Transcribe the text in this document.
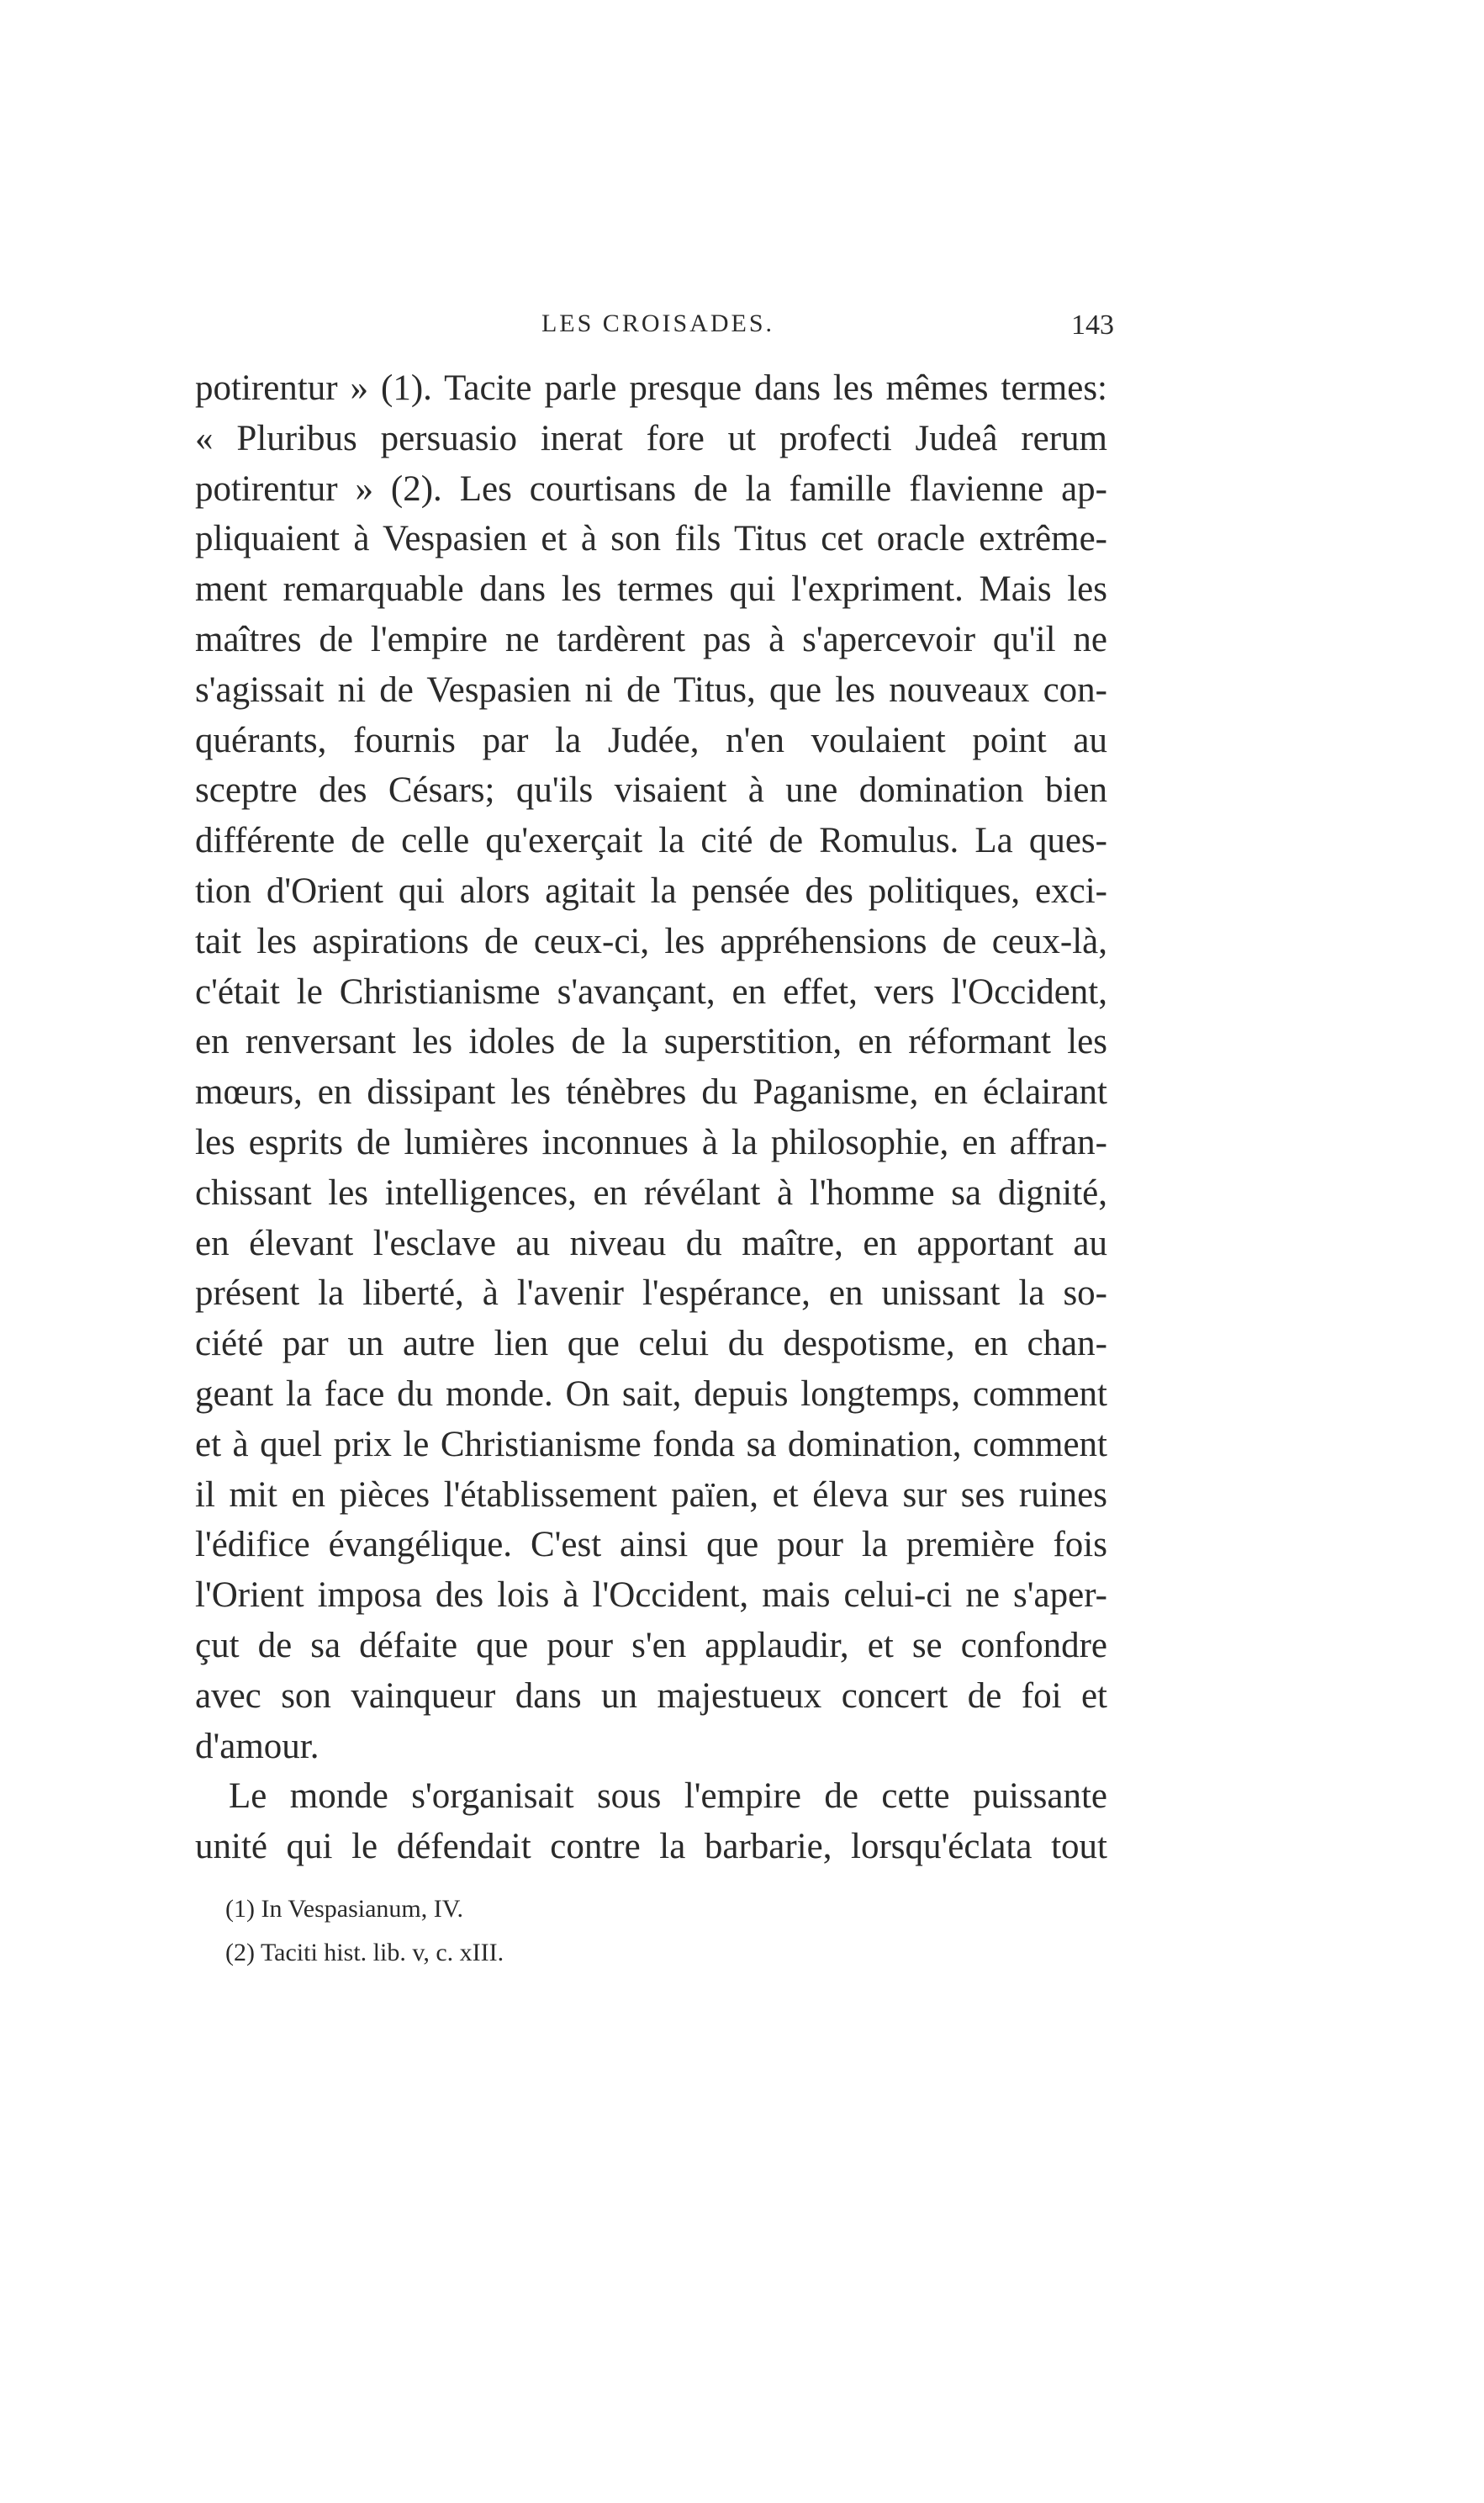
LES CROISADES.	143
potirentur » (1). Tacite parle presque dans les mêmes termes:
« Pluribus persuasio inerat fore ut profecti Judeâ rerum
potirentur » (2). Les courtisans de la famille flavienne ap-
pliquaient à Vespasien et à son fils Titus cet oracle extrême-
ment remarquable dans les termes qui l'expriment. Mais les
maîtres de l'empire ne tardèrent pas à s'apercevoir qu'il ne
s'agissait ni de Vespasien ni de Titus, que les nouveaux con-
quérants, fournis par la Judée, n'en voulaient point au
sceptre des Césars; qu'ils visaient à une domination bien
différente de celle qu'exerçait la cité de Romulus. La ques-
tion d'Orient qui alors agitait la pensée des politiques, exci-
tait les aspirations de ceux-ci, les appréhensions de ceux-là,
c'était le Christianisme s'avançant, en effet, vers l'Occident,
en renversant les idoles de la superstition, en réformant les
mœurs, en dissipant les ténèbres du Paganisme, en éclairant
les esprits de lumières inconnues à la philosophie, en affran-
chissant les intelligences, en révélant à l'homme sa dignité,
en élevant l'esclave au niveau du maître, en apportant au
présent la liberté, à l'avenir l'espérance, en unissant la so-
ciété par un autre lien que celui du despotisme, en chan-
geant la face du monde. On sait, depuis longtemps, comment
et à quel prix le Christianisme fonda sa domination, comment
il mit en pièces l'établissement païen, et éleva sur ses ruines
l'édifice évangélique. C'est ainsi que pour la première fois
l'Orient imposa des lois à l'Occident, mais celui-ci ne s'aper-
çut de sa défaite que pour s'en applaudir, et se confondre
avec son vainqueur dans un majestueux concert de foi et
d'amour.
Le monde s'organisait sous l'empire de cette puissante
unité qui le défendait contre la barbarie, lorsqu'éclata tout
(1) In Vespasianum, IV.
(2) Taciti hist. lib. v, c. xIII.
